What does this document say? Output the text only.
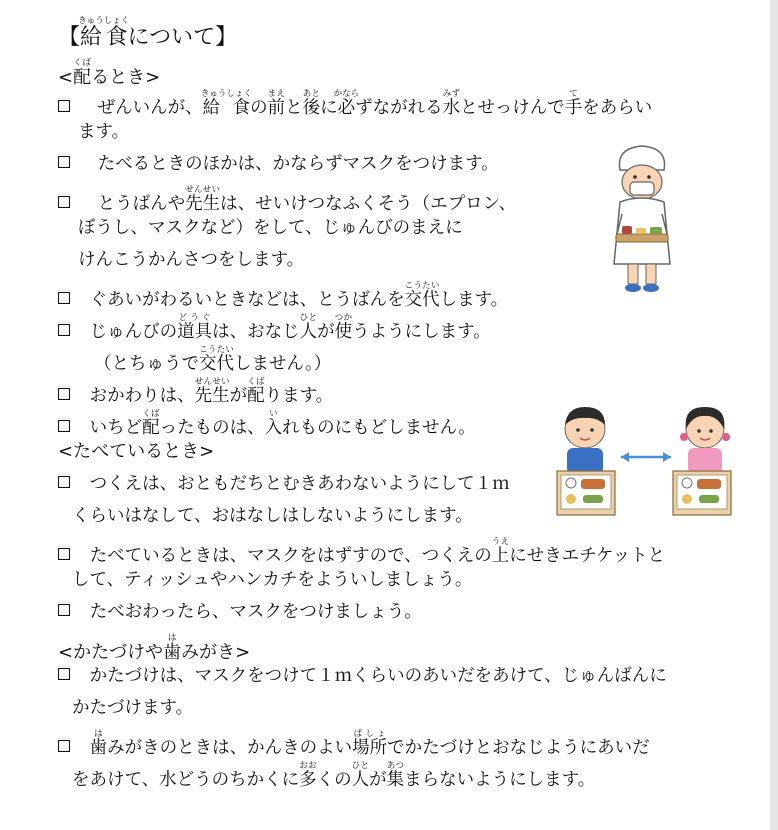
【給食きゅうしょくについて】
<配くばるとき>
ぜんいんが、給 食きゅうしょくの前まえと後あとに必かならずながれる水みずとせっけんで手てをあらい
ます。
たべるときのほかは、かならずマスクをつけます。
とうばんや先生せんせいは、せいけつなふくそう（エプロン、
ぼうし、マスクなど）をして、じゅんびのまえに
けんこうかんさつをします。
ぐあいがわるいときなどは、とうばんを交代こうたいします。
じゅんびの道具どうぐは、おなじ人ひとが使つかうようにします。
（とちゅうで交代こうたいしません。）
おかわりは、先生せんせいが配くばります。
いちど配くばったものは、入いれものにもどしません。
<たべているとき>
つくえは、おともだちとむきあわないようにして１ｍ
くらいはなして、おはなしはしないようにします。
たべているときは、マスクをはずすので、つくえの上うえにせきエチケットと
して、ティッシュやハンカチをよういしましょう。
たべおわったら、マスクをつけましょう。
<かたづけや歯はみがき>
かたづけは、マスクをつけて１ｍくらいのあいだをあけて、じゅんばんに
かたづけます。
歯はみがきのときは、かんきのよい場所ばしょでかたづけとおなじようにあいだ
をあけて、水どうのちかくに多おおくの人ひとが集あつまらないようにします。
